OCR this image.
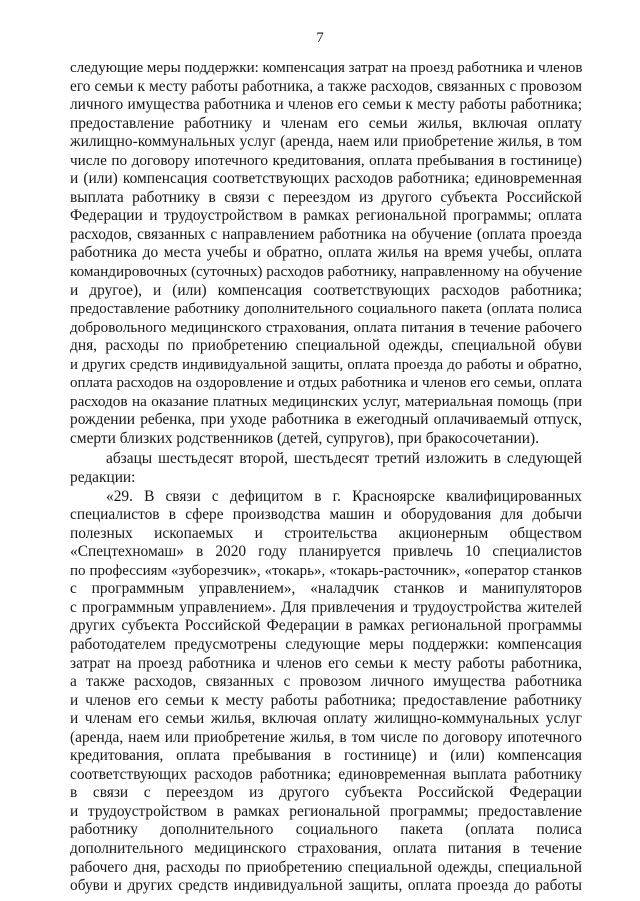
7
следующие меры поддержки: компенсация затрат на проезд работника и членов
его семьи к месту работы работника, а также расходов, связанных с провозом
личного имущества работника и членов его семьи к месту работы работника;
предоставление работнику и членам его семьи жилья, включая оплату
жилищно-коммунальных услуг (аренда, наем или приобретение жилья, в том
числе по договору ипотечного кредитования, оплата пребывания в гостинице)
и (или) компенсация соответствующих расходов работника; единовременная
выплата работнику в связи с переездом из другого субъекта Российской
Федерации и трудоустройством в рамках региональной программы; оплата
расходов, связанных с направлением работника на обучение (оплата проезда
работника до места учебы и обратно, оплата жилья на время учебы, оплата
командировочных (суточных) расходов работнику, направленному на обучение
и другое), и (или) компенсация соответствующих расходов работника;
предоставление работнику дополнительного социального пакета (оплата полиса
добровольного медицинского страхования, оплата питания в течение рабочего
дня, расходы по приобретению специальной одежды, специальной обуви
и других средств индивидуальной защиты, оплата проезда до работы и обратно,
оплата расходов на оздоровление и отдых работника и членов его семьи, оплата
расходов на оказание платных медицинских услуг, материальная помощь (при
рождении ребенка, при уходе работника в ежегодный оплачиваемый отпуск,
смерти близких родственников (детей, супругов), при бракосочетании).
абзацы шестьдесят второй, шестьдесят третий изложить в следующей
редакции:
«29. В связи с дефицитом в г. Красноярске квалифицированных
специалистов в сфере производства машин и оборудования для добычи
полезных ископаемых и строительства акционерным обществом
«Спецтехномаш» в 2020 году планируется привлечь 10 специалистов
по профессиям «зуборезчик», «токарь», «токарь-расточник», «оператор станков
с программным управлением», «наладчик станков и манипуляторов
с программным управлением». Для привлечения и трудоустройства жителей
других субъекта Российской Федерации в рамках региональной программы
работодателем предусмотрены следующие меры поддержки: компенсация
затрат на проезд работника и членов его семьи к месту работы работника,
а также расходов, связанных с провозом личного имущества работника
и членов его семьи к месту работы работника; предоставление работнику
и членам его семьи жилья, включая оплату жилищно-коммунальных услуг
(аренда, наем или приобретение жилья, в том числе по договору ипотечного
кредитования, оплата пребывания в гостинице) и (или) компенсация
соответствующих расходов работника; единовременная выплата работнику
в связи с переездом из другого субъекта Российской Федерации
и трудоустройством в рамках региональной программы; предоставление
работнику дополнительного социального пакета (оплата полиса
дополнительного медицинского страхования, оплата питания в течение
рабочего дня, расходы по приобретению специальной одежды, специальной
обуви и других средств индивидуальной защиты, оплата проезда до работы
